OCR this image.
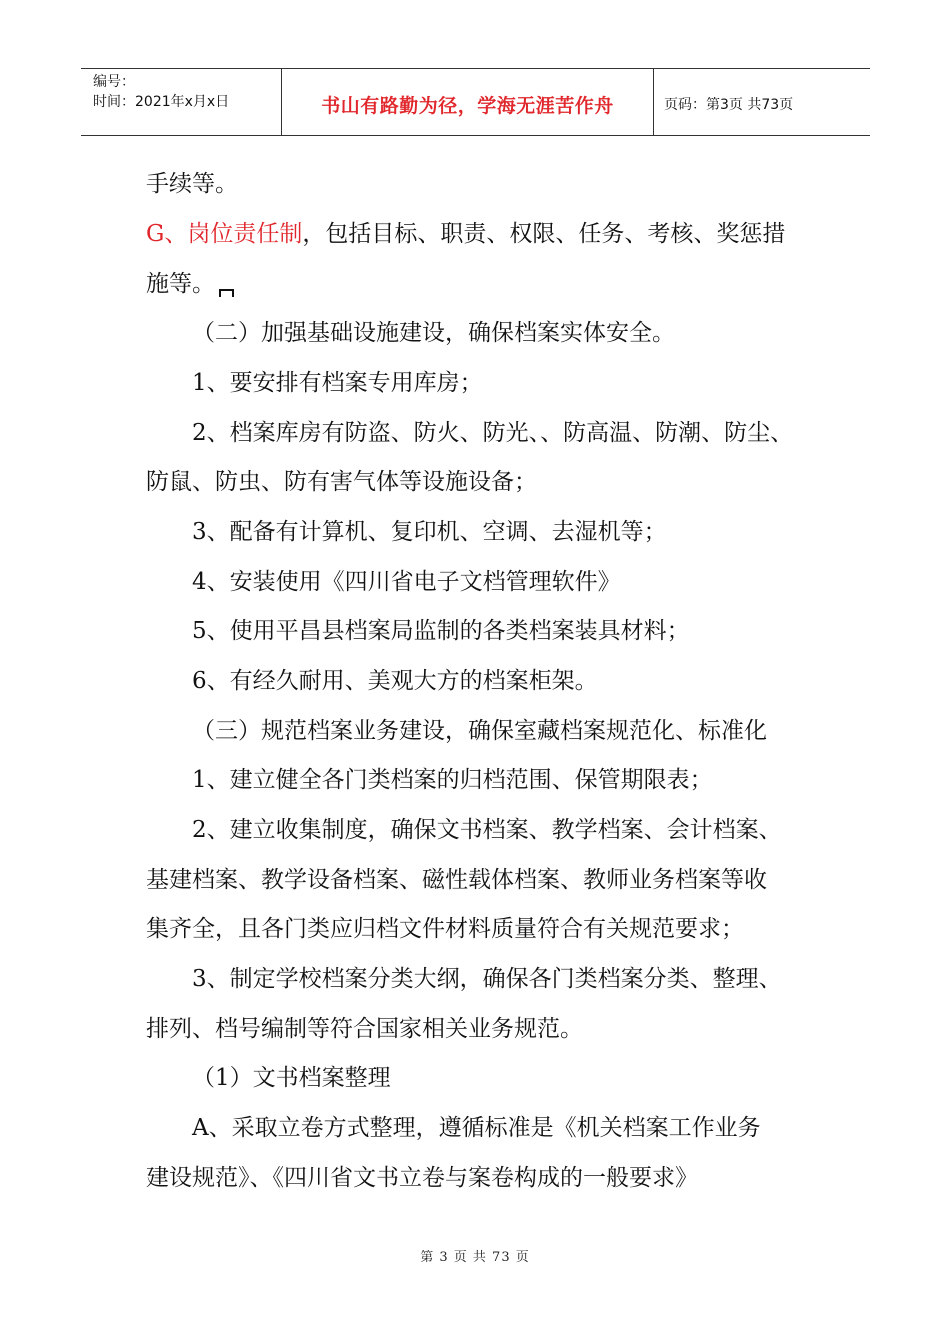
编号：
时间：2021年x月x日	书山有路勤为径，学海无涯苦作舟	页码：第3页 共73页
手续等。
G、岗位责任制，包括目标、职责、权限、任务、考核、奖惩措
施等。
（二）加强基础设施建设，确保档案实体安全。
1、要安排有档案专用库房；
2、档案库房有防盗、防火、防光、、防高温、防潮、防尘、
防鼠、防虫、防有害气体等设施设备；
3、配备有计算机、复印机、空调、去湿机等；
4、安装使用《四川省电子文档管理软件》
5、使用平昌县档案局监制的各类档案装具材料；
6、有经久耐用、美观大方的档案柜架。
（三）规范档案业务建设，确保室藏档案规范化、标准化
1、建立健全各门类档案的归档范围、保管期限表；
2、建立收集制度，确保文书档案、教学档案、会计档案、
基建档案、教学设备档案、磁性载体档案、教师业务档案等收
集齐全，且各门类应归档文件材料质量符合有关规范要求；
3、制定学校档案分类大纲，确保各门类档案分类、整理、
排列、档号编制等符合国家相关业务规范。
（1）文书档案整理
A、采取立卷方式整理，遵循标准是《机关档案工作业务
建设规范》、《四川省文书立卷与案卷构成的一般要求》
第 3 页 共 73 页
